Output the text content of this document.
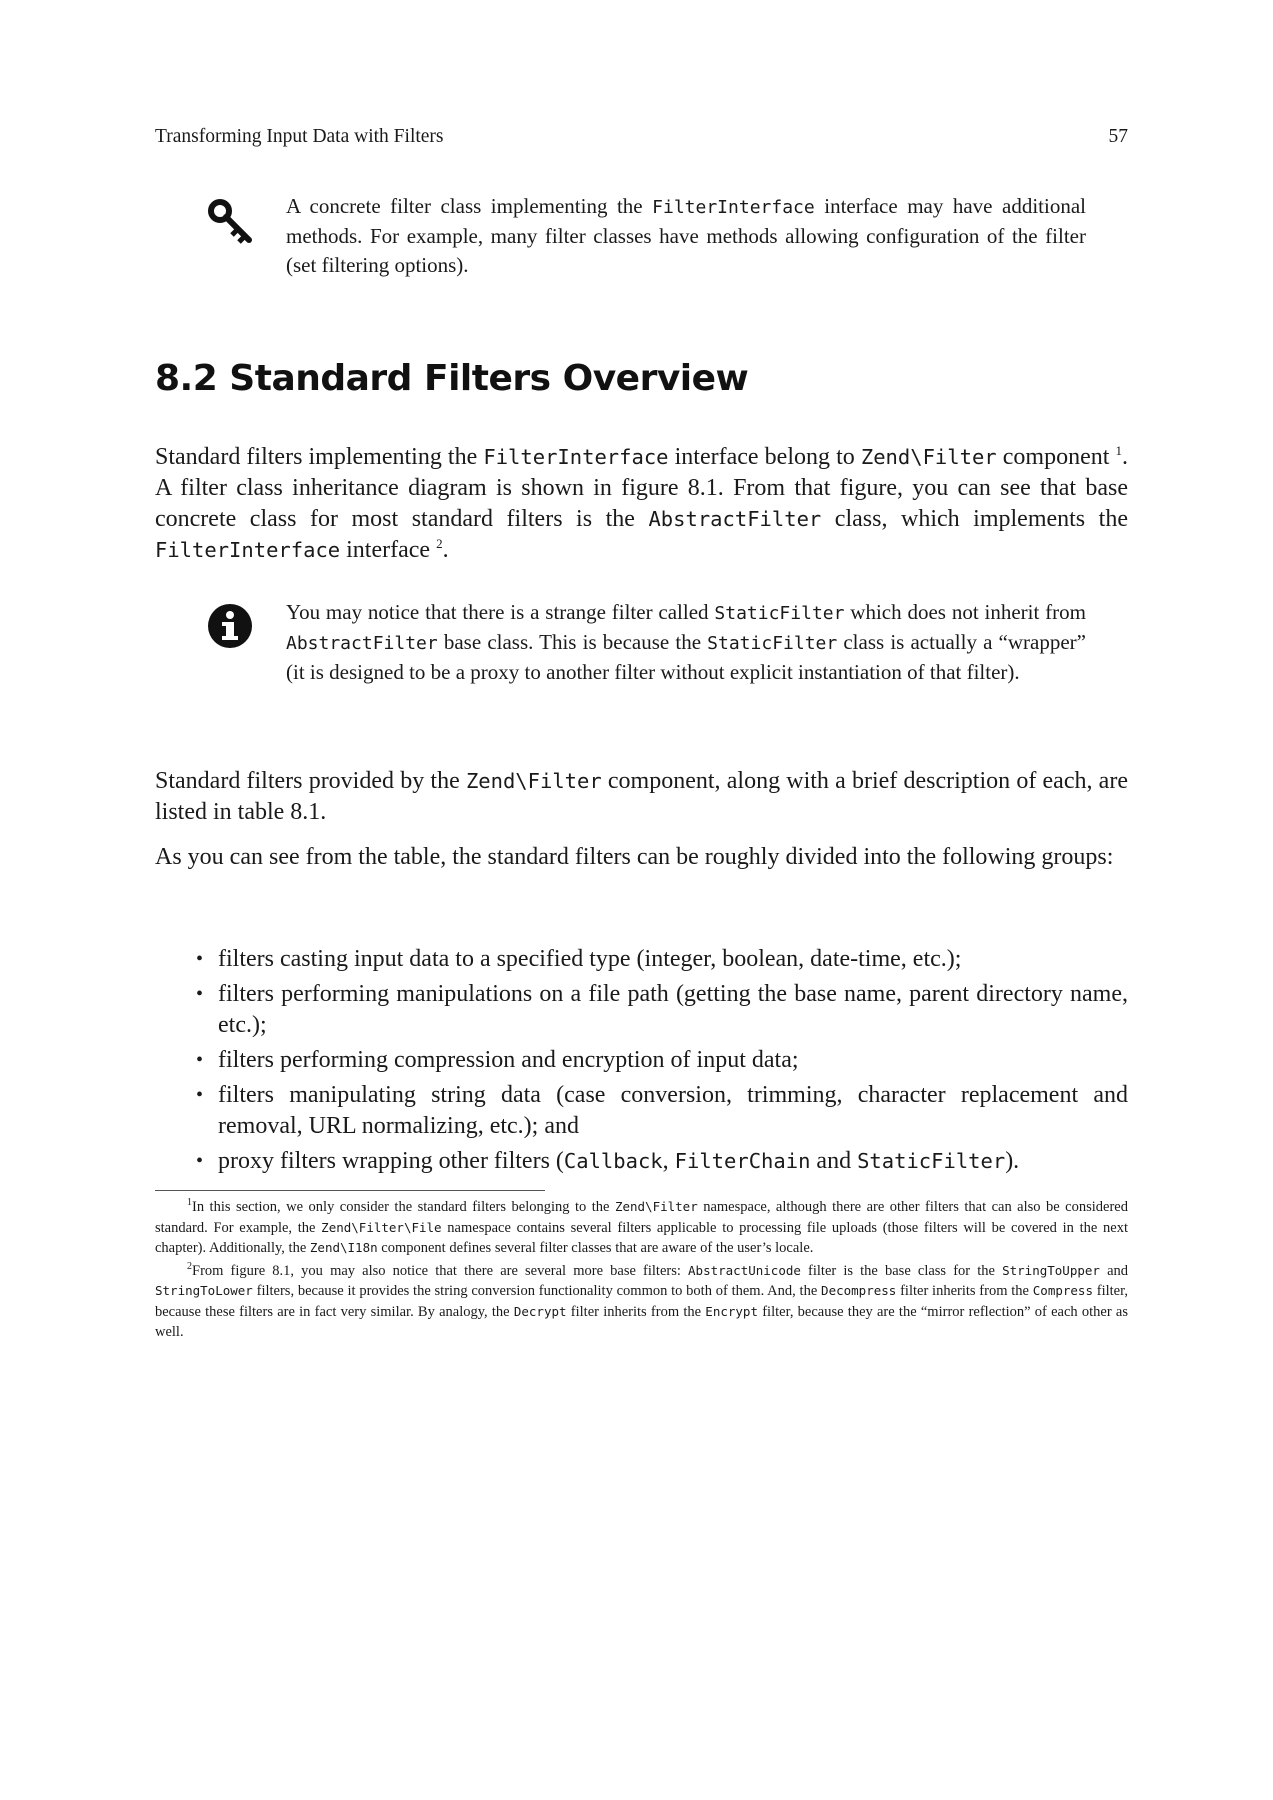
Transforming Input Data with Filters	57
A concrete filter class implementing the FilterInterface interface may have additional methods. For example, many filter classes have methods allowing configuration of the filter (set filtering options).
8.2 Standard Filters Overview

Standard filters implementing the FilterInterface interface belong to Zend\Filter component $^1$. A filter class inheritance diagram is shown in figure 8.1. From that figure, you can see that base concrete class for most standard filters is the AbstractFilter class, which implements the FilterInterface interface $^2$.

You may notice that there is a strange filter called StaticFilter which does not inherit from AbstractFilter base class. This is because the StaticFilter class is actually a “wrapper” (it is designed to be a proxy to another filter without explicit instantiation of that filter).

Standard filters provided by the Zend\Filter component, along with a brief description of each, are listed in table 8.1.

As you can see from the table, the standard filters can be roughly divided into the following groups:

• filters casting input data to a specified type (integer, boolean, date-time, etc.);
• filters performing manipulations on a file path (getting the base name, parent directory name, etc.);
• filters performing compression and encryption of input data;
• filters manipulating string data (case conversion, trimming, character replacement and removal, URL normalizing, etc.); and
• proxy filters wrapping other filters (Callback, FilterChain and StaticFilter).

$^1$In this section, we only consider the standard filters belonging to the Zend\Filter namespace, although there are other filters that can also be considered standard. For example, the Zend\Filter\File namespace contains several filters applicable to processing file uploads (those filters will be covered in the next chapter). Additionally, the Zend\I18n component defines several filter classes that are aware of the user’s locale.

$^2$From figure 8.1, you may also notice that there are several more base filters: AbstractUnicode filter is the base class for the StringToUpper and StringToLower filters, because it provides the string conversion functionality common to both of them. And, the Decompress filter inherits from the Compress filter, because these filters are in fact very similar. By analogy, the Decrypt filter inherits from the Encrypt filter, because they are the “mirror reflection” of each other as well.
